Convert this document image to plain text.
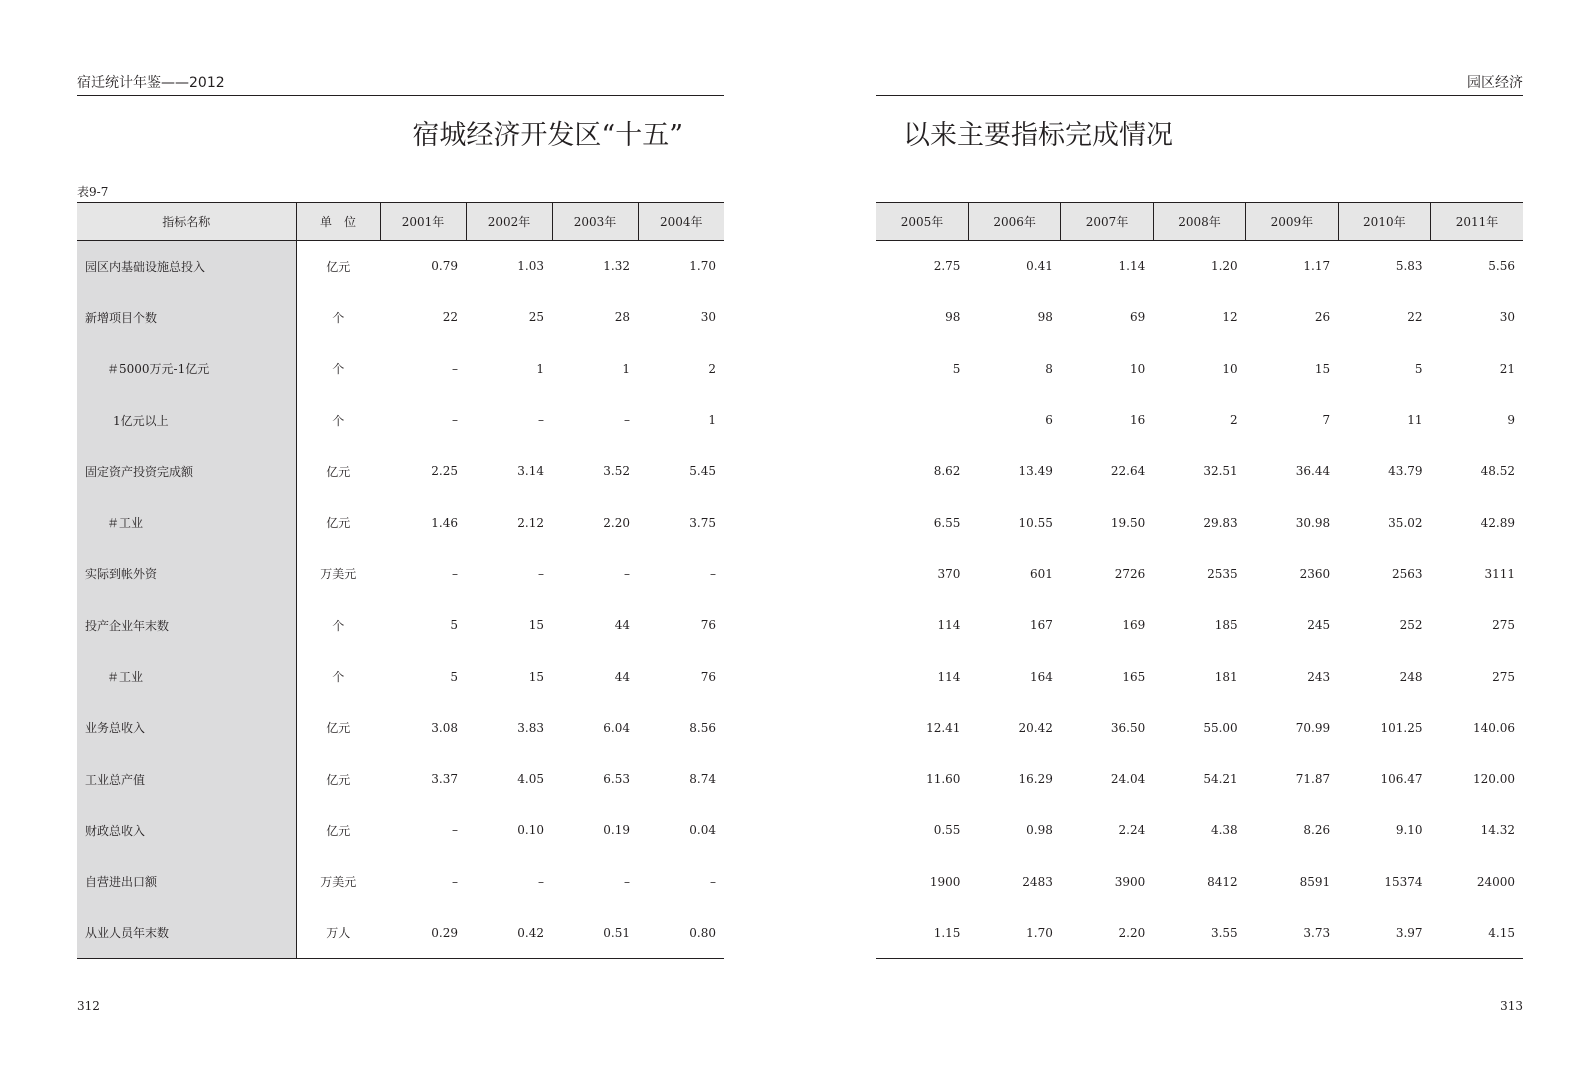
宿迁统计年鉴——2012	园区经济
宿城经济开发区“十五”	以来主要指标完成情况
表9-7
指标名称	单　位	2001年	2002年	2003年	2004年
园区内基础设施总投入	亿元	0.79	1.03	1.32	1.70
新增项目个数	个	22	25	28	30
＃5000万元-1亿元	个	–	1	1	2
1亿元以上	个	–	–	–	1
固定资产投资完成额	亿元	2.25	3.14	3.52	5.45
＃工业	亿元	1.46	2.12	2.20	3.75
实际到帐外资	万美元	–	–	–	–
投产企业年末数	个	5	15	44	76
＃工业	个	5	15	44	76
业务总收入	亿元	3.08	3.83	6.04	8.56
工业总产值	亿元	3.37	4.05	6.53	8.74
财政总收入	亿元	–	0.10	0.19	0.04
自营进出口额	万美元	–	–	–	–
从业人员年末数	万人	0.29	0.42	0.51	0.80
2005年	2006年	2007年	2008年	2009年	2010年	2011年
2.75	0.41	1.14	1.20	1.17	5.83	5.56
98	98	69	12	26	22	30
5	8	10	10	15	5	21
	6	16	2	7	11	9
8.62	13.49	22.64	32.51	36.44	43.79	48.52
6.55	10.55	19.50	29.83	30.98	35.02	42.89
370	601	2726	2535	2360	2563	3111
114	167	169	185	245	252	275
114	164	165	181	243	248	275
12.41	20.42	36.50	55.00	70.99	101.25	140.06
11.60	16.29	24.04	54.21	71.87	106.47	120.00
0.55	0.98	2.24	4.38	8.26	9.10	14.32
1900	2483	3900	8412	8591	15374	24000
1.15	1.70	2.20	3.55	3.73	3.97	4.15
312	313
